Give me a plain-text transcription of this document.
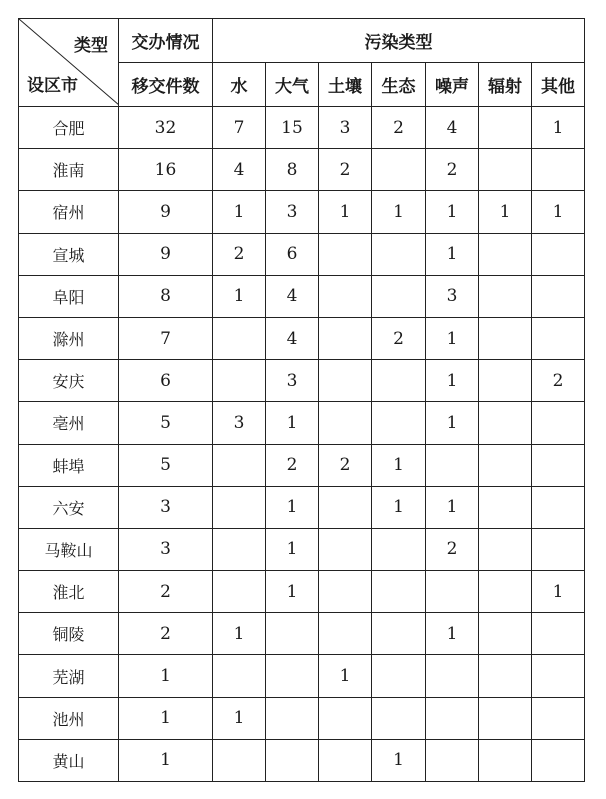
类型
设区市	交办情况	污染类型						
	移交件数	水	大气	土壤	生态	噪声	辐射	其他
合肥	32	7	15	3	2	4		1
淮南	16	4	8	2		2		
宿州	9	1	3	1	1	1	1	1
宣城	9	2	6			1		
阜阳	8	1	4			3		
滁州	7		4		2	1		
安庆	6		3			1		2
亳州	5	3	1			1		
蚌埠	5		2	2	1			
六安	3		1		1	1		
马鞍山	3		1			2		
淮北	2		1					1
铜陵	2	1				1		
芜湖	1			1				
池州	1	1						
黄山	1				1			
